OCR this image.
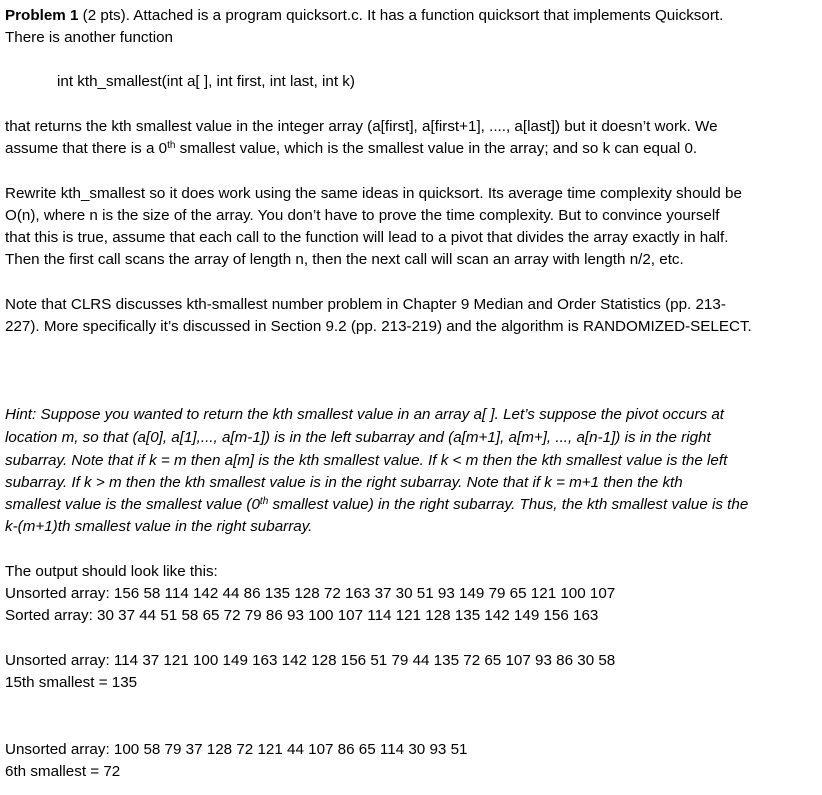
Problem 1 (2 pts). Attached is a program quicksort.c. It has a function quicksort that implements Quicksort.
There is another function
int kth_smallest(int a[ ], int first, int last, int k)
that returns the kth smallest value in the integer array (a[first], a[first+1], ...., a[last]) but it doesn’t work. We
assume that there is a 0th smallest value, which is the smallest value in the array; and so k can equal 0.
Rewrite kth_smallest so it does work using the same ideas in quicksort. Its average time complexity should be
O(n), where n is the size of the array. You don’t have to prove the time complexity. But to convince yourself
that this is true, assume that each call to the function will lead to a pivot that divides the array exactly in half.
Then the first call scans the array of length n, then the next call will scan an array with length n/2, etc.
Note that CLRS discusses kth-smallest number problem in Chapter 9 Median and Order Statistics (pp. 213-
227). More specifically it’s discussed in Section 9.2 (pp. 213-219) and the algorithm is RANDOMIZED-SELECT.
Hint: Suppose you wanted to return the kth smallest value in an array a[ ]. Let’s suppose the pivot occurs at
location m, so that (a[0], a[1],..., a[m-1]) is in the left subarray and (a[m+1], a[m+], ..., a[n-1]) is in the right
subarray. Note that if k = m then a[m] is the kth smallest value. If k < m then the kth smallest value is the left
subarray. If k > m then the kth smallest value is in the right subarray. Note that if k = m+1 then the kth
smallest value is the smallest value (0th smallest value) in the right subarray. Thus, the kth smallest value is the
k-(m+1)th smallest value in the right subarray.
The output should look like this:
Unsorted array: 156 58 114 142 44 86 135 128 72 163 37 30 51 93 149 79 65 121 100 107
Sorted array: 30 37 44 51 58 65 72 79 86 93 100 107 114 121 128 135 142 149 156 163
Unsorted array: 114 37 121 100 149 163 142 128 156 51 79 44 135 72 65 107 93 86 30 58
15th smallest = 135
Unsorted array: 100 58 79 37 128 72 121 44 107 86 65 114 30 93 51
6th smallest = 72
